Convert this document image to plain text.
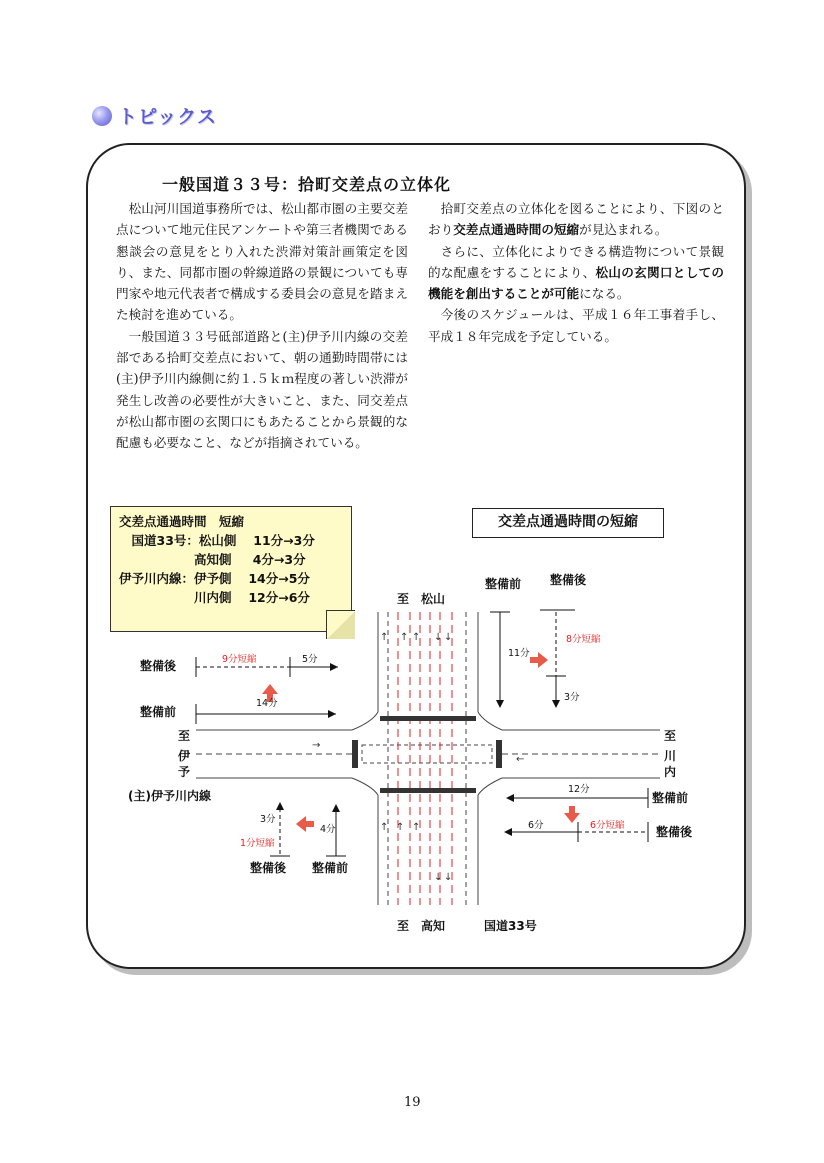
トピックス
一般国道３３号：拾町交差点の立体化

松山河川国道事務所では、松山都市圏の主要交差点について地元住民アンケートや第三者機関である懇談会の意見をとり入れた渋滞対策計画策定を図り、また、同都市圏の幹線道路の景観についても専門家や地元代表者で構成する委員会の意見を踏まえた検討を進めている。

一般国道３３号砥部道路と(主)伊予川内線の交差部である拾町交差点において、朝の通勤時間帯には(主)伊予川内線側に約１.５ｋｍ程度の著しい渋滞が発生し改善の必要性が大きいこと、また、同交差点が松山都市圏の玄関口にもあたることから景観的な配慮も必要なこと、などが指摘されている。

拾町交差点の立体化を図ることにより、下図のとおり交差点通過時間の短縮が見込まれる。

さらに、立体化によりできる構造物について景観的な配慮をすることにより、松山の玄関口としての機能を創出することが可能になる。

今後のスケジュールは、平成１６年工事着手し、平成１８年完成を予定している。

↑ ↑ ↑ ↓ ↓
↑ ↑ ↑
↓ ↓
→
←
至　松山
至　高知	国道33号
整備前 整備後
整備後
整備前
(主)伊予川内線	整備前
整備後
整備後 整備前
至
伊
予
至
川
内
14分
5分
11分
3分
12分
6分
4分
3分
9分短縮
8分短縮
6分短縮
1分短縮
交差点通過時間　短縮
　国道33号：松山側　 11分→3分
　　　　　　高知側　  4分→3分
伊予川内線：伊予側　 14分→5分
　　　　　　川内側　 12分→6分
交差点通過時間の短縮
19
